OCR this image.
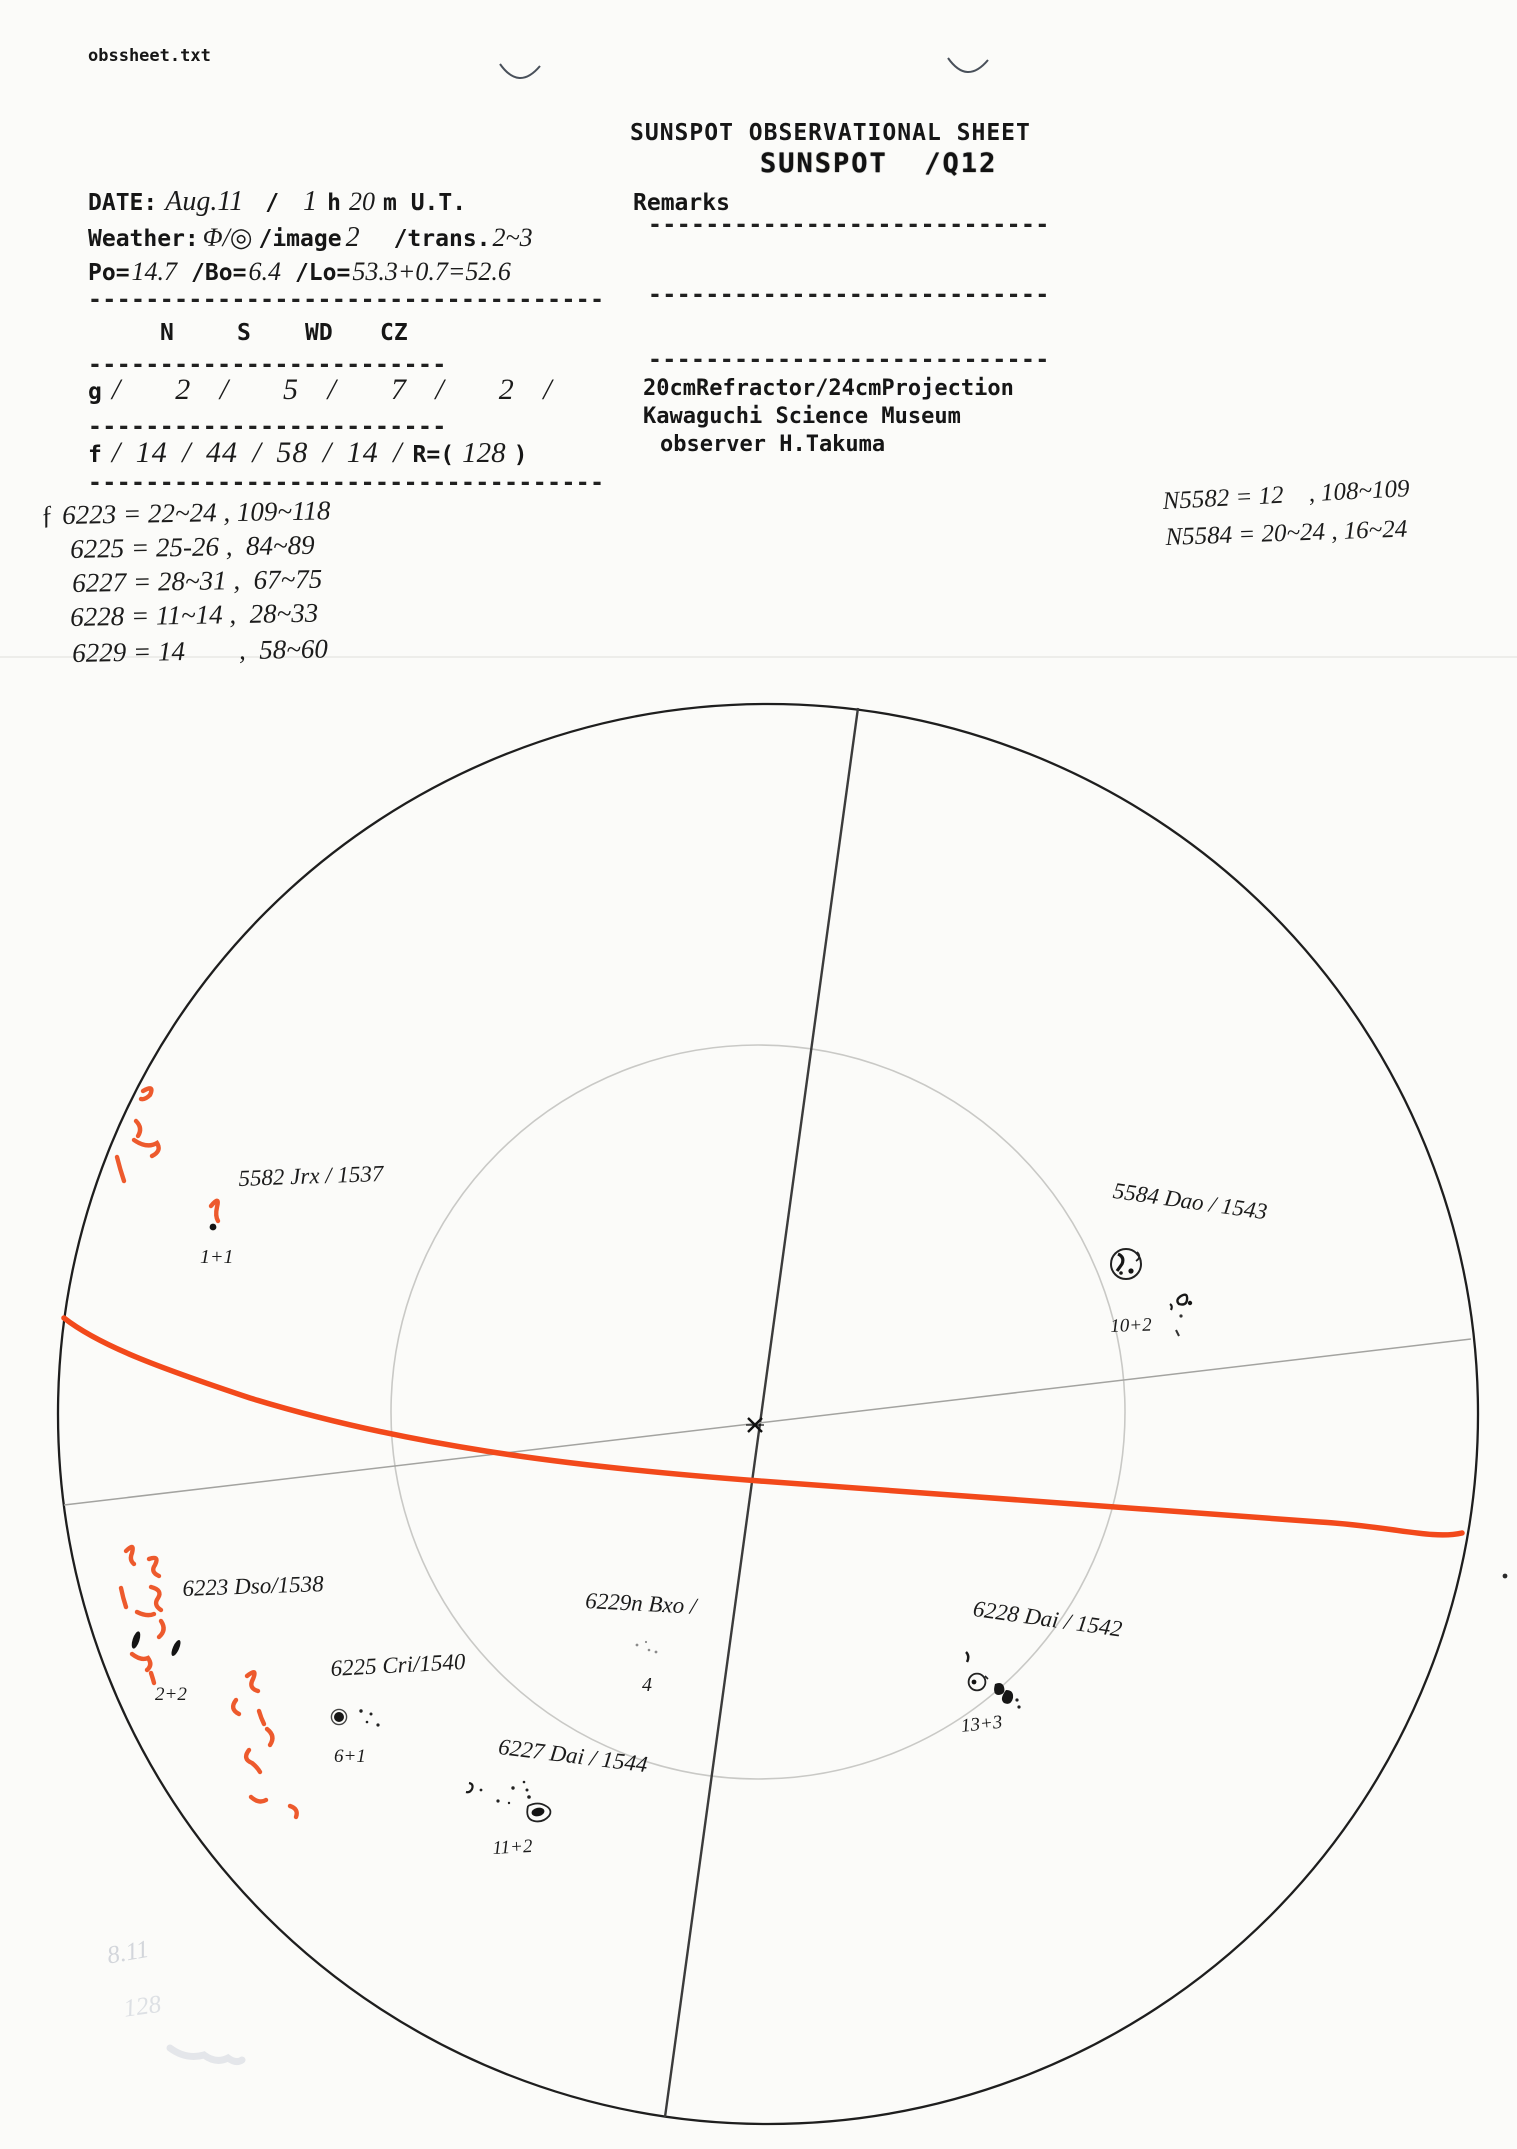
obssheet.txt
SUNSPOT OBSERVATIONAL SHEET
SUNSPOT  /Q12
Remarks
----------------------------
----------------------------
----------------------------
20cmRefractor/24cmProjection
Kawaguchi Science Museum
observer H.Takuma
DATE: Aug.11 / 1 h 20 m U.T.
Weather: Φ/◎ /image 2 /trans. 2~3
Po= 14.7 /Bo= 6.4 /Lo= 53.3+0.7=52.6
------------------------------------
N	S WD CZ
-------------------------
g /  2 /  5 /  7 /  2 /
-------------------------
f / 14 / 44 / 58 / 14 / R=( 128 )
------------------------------------
ƒ 6223 = 22~24 , 109~118
6225 = 25-26 ,  84~89
6227 = 28~31 ,  67~75
6228 = 11~14 ,  28~33
6229 = 14        ,  58~60
N5582 = 12    , 108~109
N5584 = 20~24 , 16~24
5582 Jrx / 1537
1+1
5584 Dao / 1543
10+2
6223 Dso/1538
2+2
6225 Cri/1540
6+1	6227 Dai / 1544
11+2
6229n Bxo /
4
6228 Dai / 1542
13+3
8.11
128
